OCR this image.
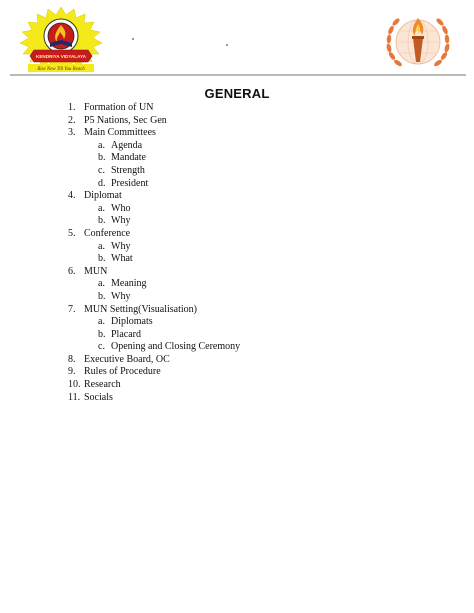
KENDRIYA VIDYALAYA
Rise Now Till You Reach
GENERAL
1. Formation of UN
2. P5 Nations, Sec Gen
3. Main Committees
a. Agenda
b. Mandate
c. Strength
d. President
4. Diplomat
a. Who
b. Why
5. Conference
a. Why
b. What
6. MUN
a. Meaning
b. Why
7. MUN Setting(Visualisation)
a. Diplomats
b. Placard
c. Opening and Closing Ceremony
8. Executive Board, OC
9. Rules of Procedure
10. Research
11. Socials
